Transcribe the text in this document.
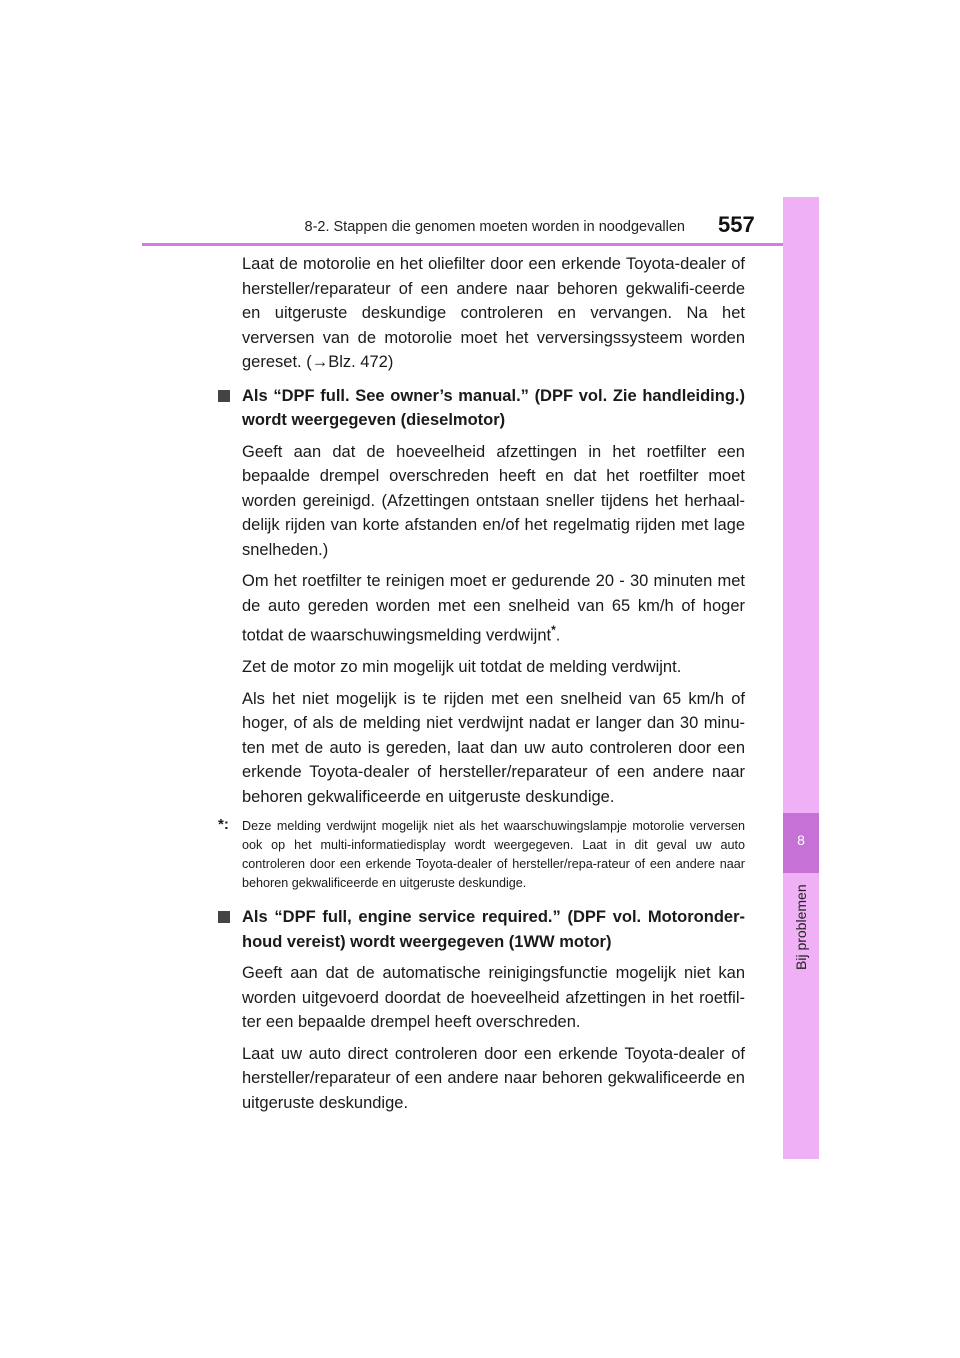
8-2. Stappen die genomen moeten worden in noodgevallen 557
8
Bij problemen

Laat de motorolie en het oliefilter door een erkende Toyota-dealer of hersteller/reparateur of een andere naar behoren gekwalifi-ceerde en uitgeruste deskundige controleren en vervangen. Na het verversen van de motorolie moet het verversingssysteem worden gereset. (→Blz. 472)

Als “DPF full. See owner’s manual.” (DPF vol. Zie handleiding.) wordt weergegeven (dieselmotor)

Geeft aan dat de hoeveelheid afzettingen in het roetfilter een bepaalde drempel overschreden heeft en dat het roetfilter moet worden gereinigd. (Afzettingen ontstaan sneller tijdens het herhaal-delijk rijden van korte afstanden en/of het regelmatig rijden met lage snelheden.)

Om het roetfilter te reinigen moet er gedurende 20 - 30 minuten met de auto gereden worden met een snelheid van 65 km/h of hoger totdat de waarschuwingsmelding verdwijnt*.

Zet de motor zo min mogelijk uit totdat de melding verdwijnt.

Als het niet mogelijk is te rijden met een snelheid van 65 km/h of hoger, of als de melding niet verdwijnt nadat er langer dan 30 minu-ten met de auto is gereden, laat dan uw auto controleren door een erkende Toyota-dealer of hersteller/reparateur of een andere naar behoren gekwalificeerde en uitgeruste deskundige.

*: Deze melding verdwijnt mogelijk niet als het waarschuwingslampje motorolie verversen ook op het multi-informatiedisplay wordt weergegeven. Laat in dit geval uw auto controleren door een erkende Toyota-dealer of hersteller/repa-rateur of een andere naar behoren gekwalificeerde en uitgeruste deskundige.
Als “DPF full, engine service required.” (DPF vol. Motoronder-houd vereist) wordt weergegeven (1WW motor)

Geeft aan dat de automatische reinigingsfunctie mogelijk niet kan worden uitgevoerd doordat de hoeveelheid afzettingen in het roetfil-ter een bepaalde drempel heeft overschreden.

Laat uw auto direct controleren door een erkende Toyota-dealer of hersteller/reparateur of een andere naar behoren gekwalificeerde en uitgeruste deskundige.
